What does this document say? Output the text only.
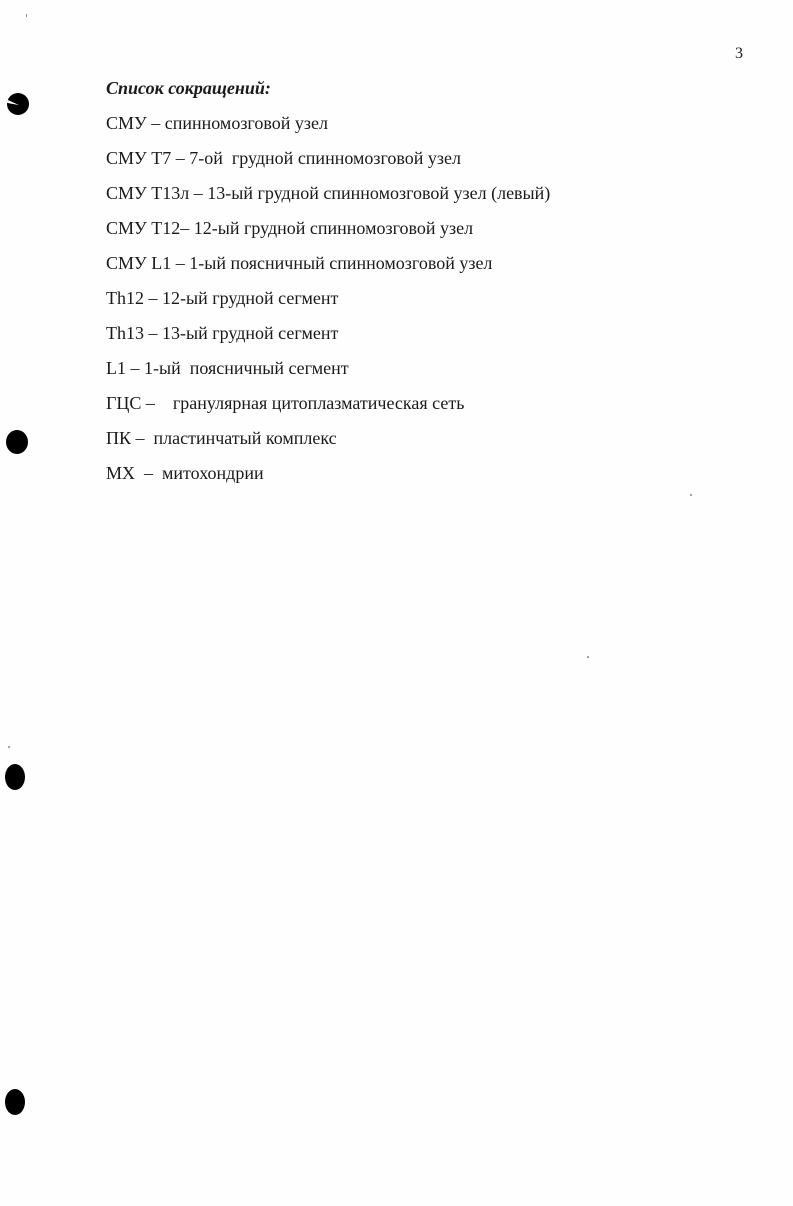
3
Список сокращений:
СМУ – спинномозговой узел
СМУ Т7 – 7-ой  грудной спинномозговой узел
СМУ Т13л – 13-ый грудной спинномозговой узел (левый)
СМУ Т12– 12-ый грудной спинномозговой узел
СМУ L1 – 1-ый поясничный спинномозговой узел
Th12 – 12-ый грудной сегмент
Th13 – 13-ый грудной сегмент
L1 – 1-ый  поясничный сегмент
ГЦС –    гранулярная цитоплазматическая сеть
ПК –  пластинчатый комплекс
МХ  –  митохондрии
